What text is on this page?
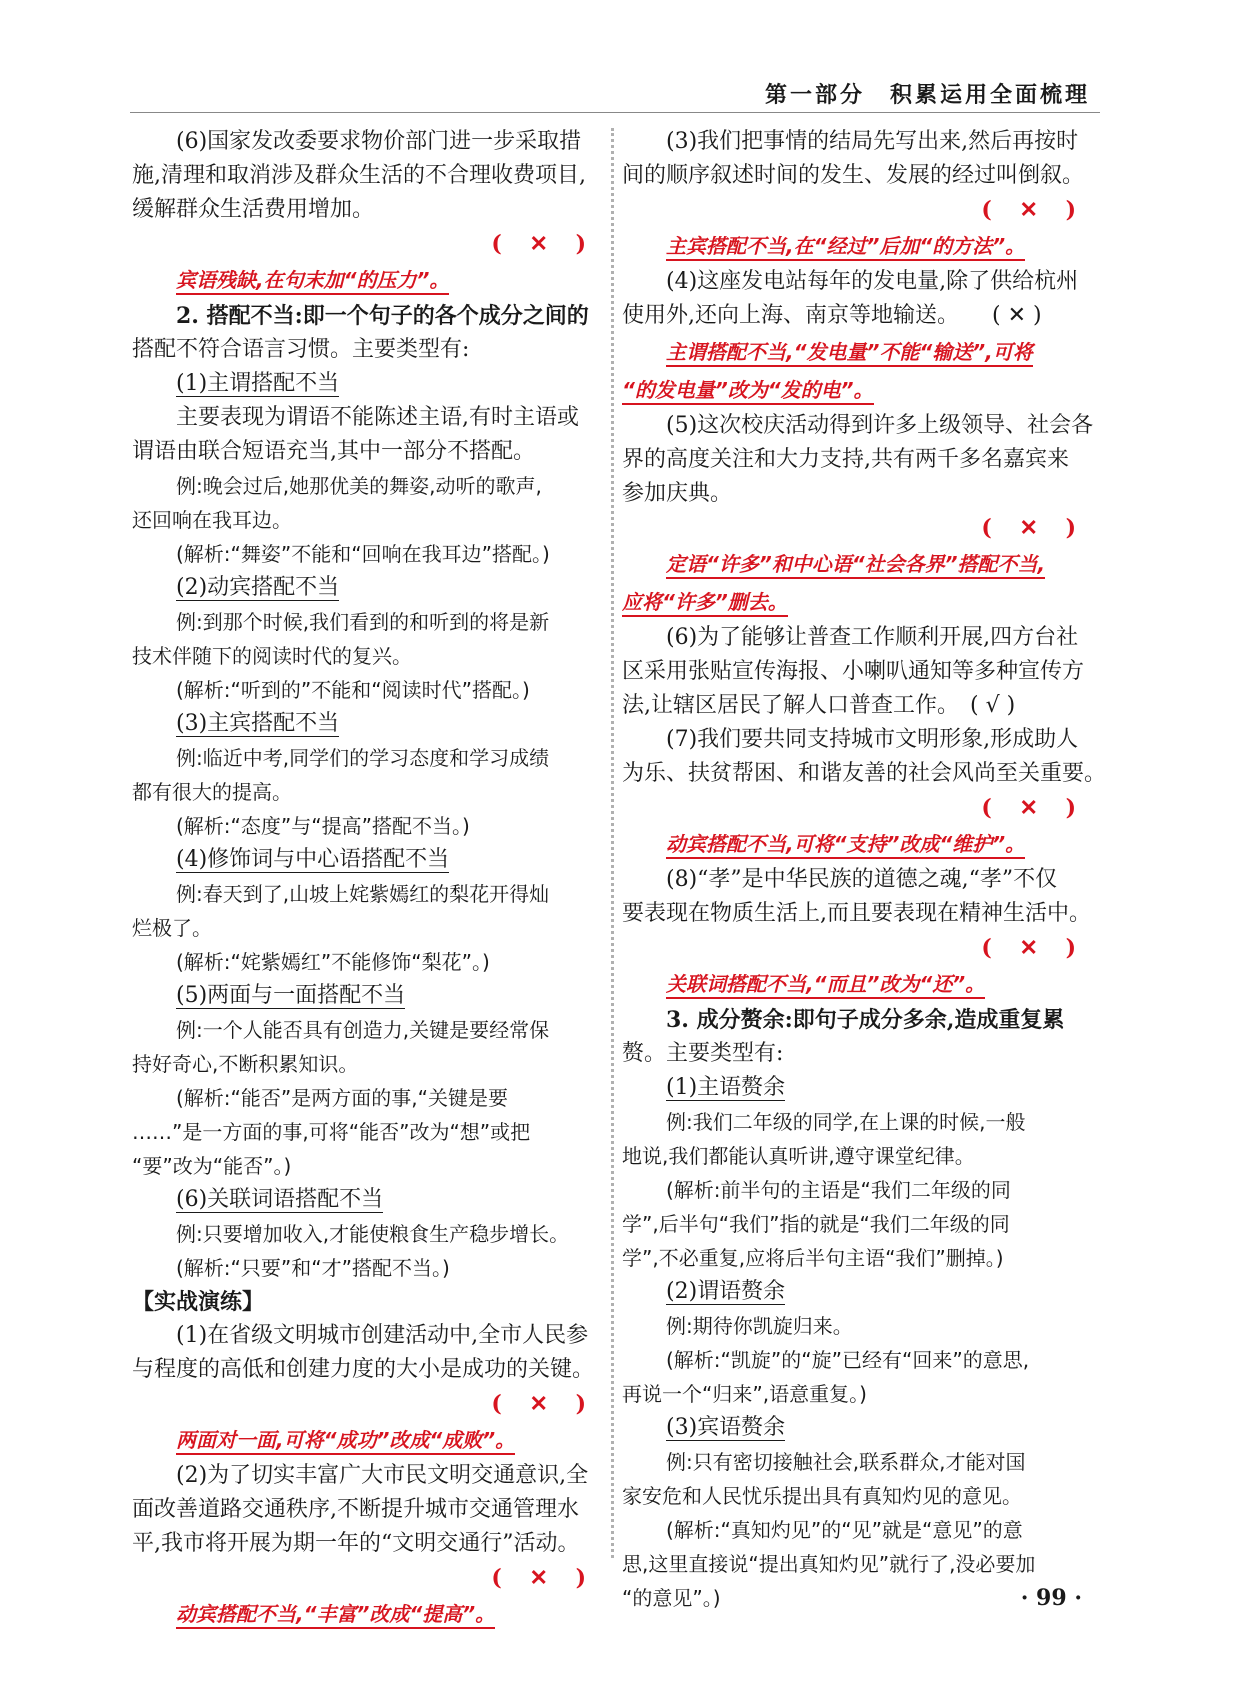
第一部分　积累运用全面梳理
(6)国家发改委要求物价部门进一步采取措
施,清理和取消涉及群众生活的不合理收费项目,
缓解群众生活费用增加。
( ✕ )
宾语残缺,在句末加“的压力”。
2. 搭配不当:即一个句子的各个成分之间的
搭配不符合语言习惯。主要类型有:
(1)主谓搭配不当
主要表现为谓语不能陈述主语,有时主语或
谓语由联合短语充当,其中一部分不搭配。
例:晚会过后,她那优美的舞姿,动听的歌声,
还回响在我耳边。
(解析:“舞姿”不能和“回响在我耳边”搭配。)
(2)动宾搭配不当
例:到那个时候,我们看到的和听到的将是新
技术伴随下的阅读时代的复兴。
(解析:“听到的”不能和“阅读时代”搭配。)
(3)主宾搭配不当
例:临近中考,同学们的学习态度和学习成绩
都有很大的提高。
(解析:“态度”与“提高”搭配不当。)
(4)修饰词与中心语搭配不当
例:春天到了,山坡上姹紫嫣红的梨花开得灿
烂极了。
(解析:“姹紫嫣红”不能修饰“梨花”。)
(5)两面与一面搭配不当
例:一个人能否具有创造力,关键是要经常保
持好奇心,不断积累知识。
(解析:“能否”是两方面的事,“关键是要
……”是一方面的事,可将“能否”改为“想”或把
“要”改为“能否”。)
(6)关联词语搭配不当
例:只要增加收入,才能使粮食生产稳步增长。
(解析:“只要”和“才”搭配不当。)
【实战演练】
(1)在省级文明城市创建活动中,全市人民参
与程度的高低和创建力度的大小是成功的关键。
( ✕ )
两面对一面,可将“成功”改成“成败”。
(2)为了切实丰富广大市民文明交通意识,全
面改善道路交通秩序,不断提升城市交通管理水
平,我市将开展为期一年的“文明交通行”活动。
( ✕ )
动宾搭配不当,“丰富”改成“提高”。
(3)我们把事情的结局先写出来,然后再按时
间的顺序叙述时间的发生、发展的经过叫倒叙。
( ✕ )
主宾搭配不当,在“经过”后加“的方法”。
(4)这座发电站每年的发电量,除了供给杭州
使用外,还向上海、南京等地输送。　　( ✕ )
主谓搭配不当,“发电量”不能“输送”,可将
“的发电量”改为“发的电”。
(5)这次校庆活动得到许多上级领导、社会各
界的高度关注和大力支持,共有两千多名嘉宾来
参加庆典。
( ✕ )
定语“许多”和中心语“社会各界”搭配不当,
应将“许多”删去。
(6)为了能够让普查工作顺利开展,四方台社
区采用张贴宣传海报、小喇叭通知等多种宣传方
法,让辖区居民了解人口普查工作。　( √ )
(7)我们要共同支持城市文明形象,形成助人
为乐、扶贫帮困、和谐友善的社会风尚至关重要。
( ✕ )
动宾搭配不当,可将“支持”改成“维护”。
(8)“孝”是中华民族的道德之魂,“孝”不仅
要表现在物质生活上,而且要表现在精神生活中。
( ✕ )
关联词搭配不当,“而且”改为“还”。
3. 成分赘余:即句子成分多余,造成重复累
赘。主要类型有:
(1)主语赘余
例:我们二年级的同学,在上课的时候,一般
地说,我们都能认真听讲,遵守课堂纪律。
(解析:前半句的主语是“我们二年级的同
学”,后半句“我们”指的就是“我们二年级的同
学”,不必重复,应将后半句主语“我们”删掉。)
(2)谓语赘余
例:期待你凯旋归来。
(解析:“凯旋”的“旋”已经有“回来”的意思,
再说一个“归来”,语意重复。)
(3)宾语赘余
例:只有密切接触社会,联系群众,才能对国
家安危和人民忧乐提出具有真知灼见的意见。
(解析:“真知灼见”的“见”就是“意见”的意
思,这里直接说“提出真知灼见”就行了,没必要加
“的意见”。)	· 99 ·
